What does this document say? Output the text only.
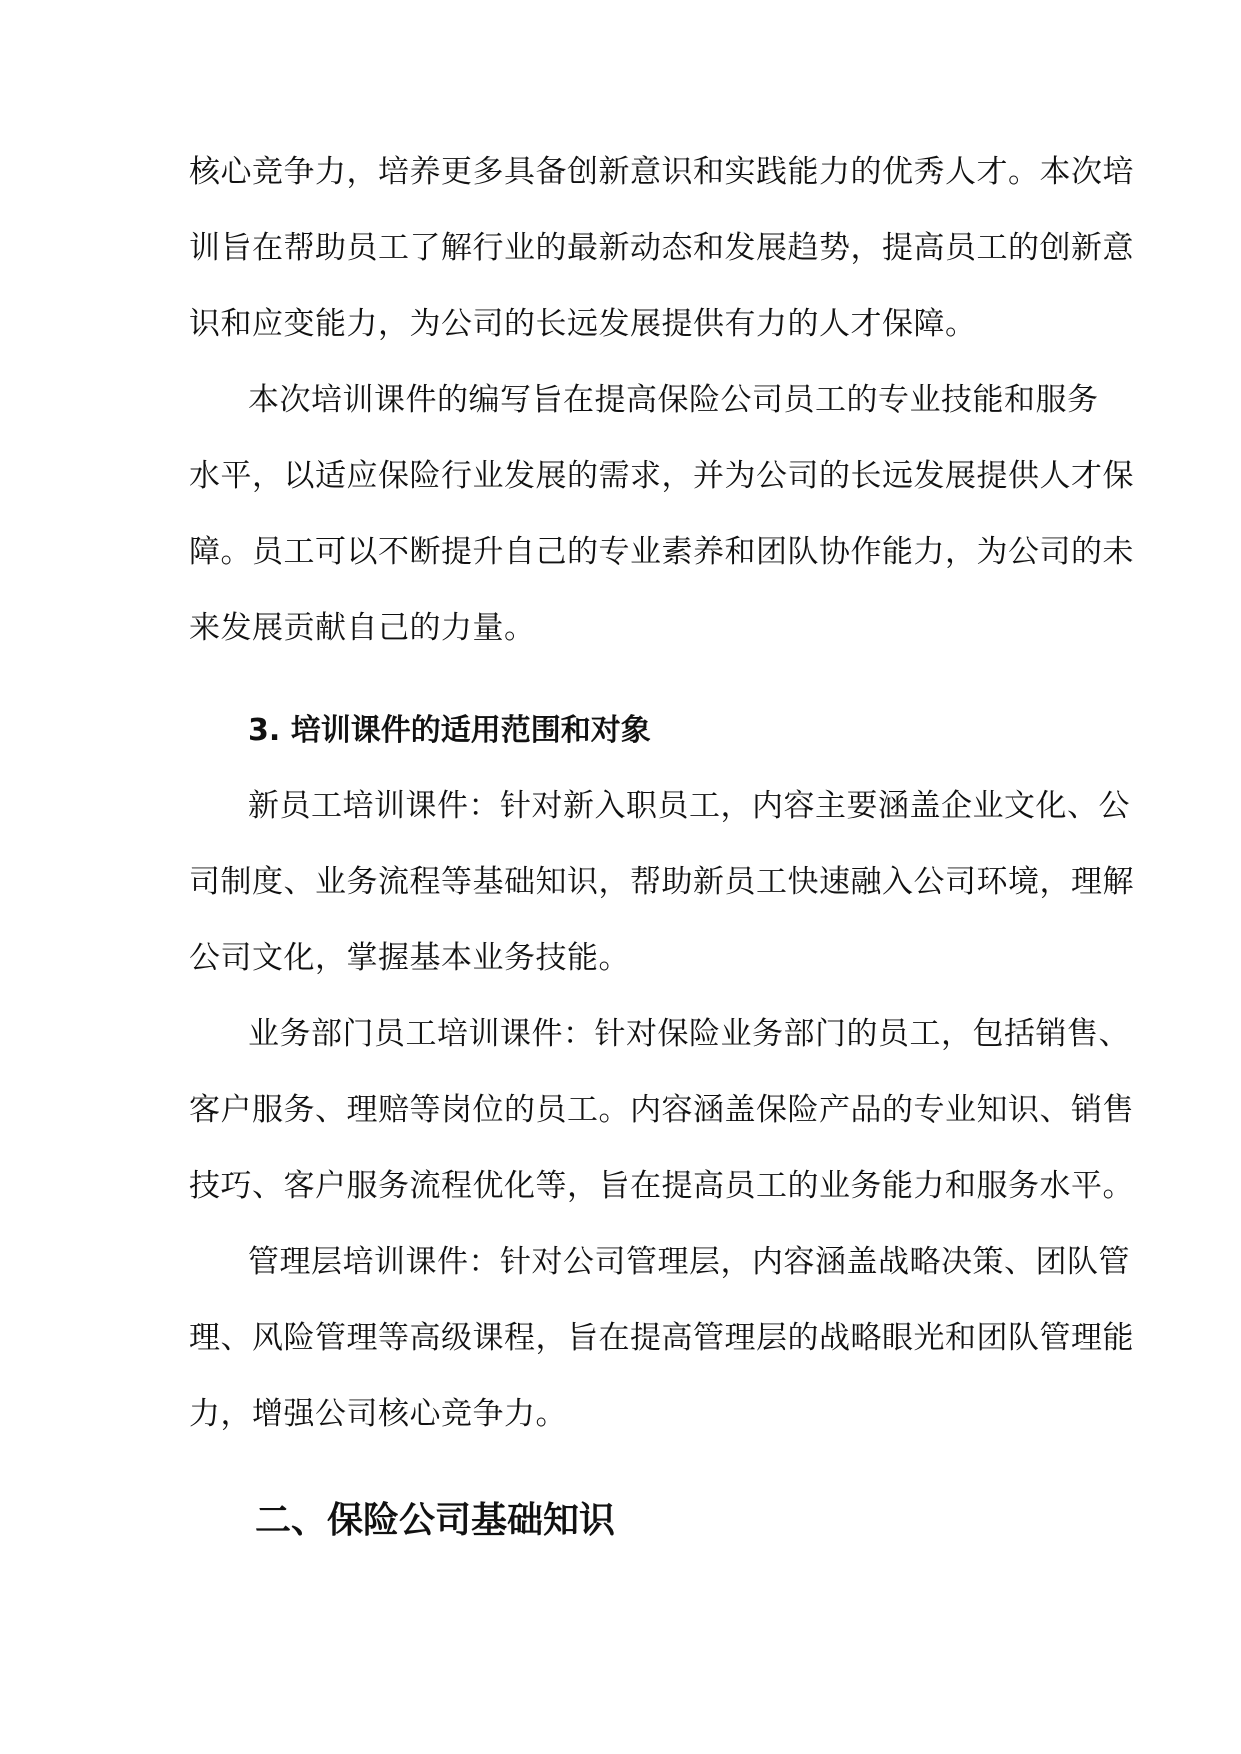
核心竞争力，培养更多具备创新意识和实践能力的优秀人才。本次培
训旨在帮助员工了解行业的最新动态和发展趋势，提高员工的创新意
识和应变能力，为公司的长远发展提供有力的人才保障。
本次培训课件的编写旨在提高保险公司员工的专业技能和服务
水平，以适应保险行业发展的需求，并为公司的长远发展提供人才保
障。员工可以不断提升自己的专业素养和团队协作能力，为公司的未
来发展贡献自己的力量。
3. 培训课件的适用范围和对象
新员工培训课件：针对新入职员工，内容主要涵盖企业文化、公
司制度、业务流程等基础知识，帮助新员工快速融入公司环境，理解
公司文化，掌握基本业务技能。
业务部门员工培训课件：针对保险业务部门的员工，包括销售、
客户服务、理赔等岗位的员工。内容涵盖保险产品的专业知识、销售
技巧、客户服务流程优化等，旨在提高员工的业务能力和服务水平。
管理层培训课件：针对公司管理层，内容涵盖战略决策、团队管
理、风险管理等高级课程，旨在提高管理层的战略眼光和团队管理能
力，增强公司核心竞争力。
二、保险公司基础知识
